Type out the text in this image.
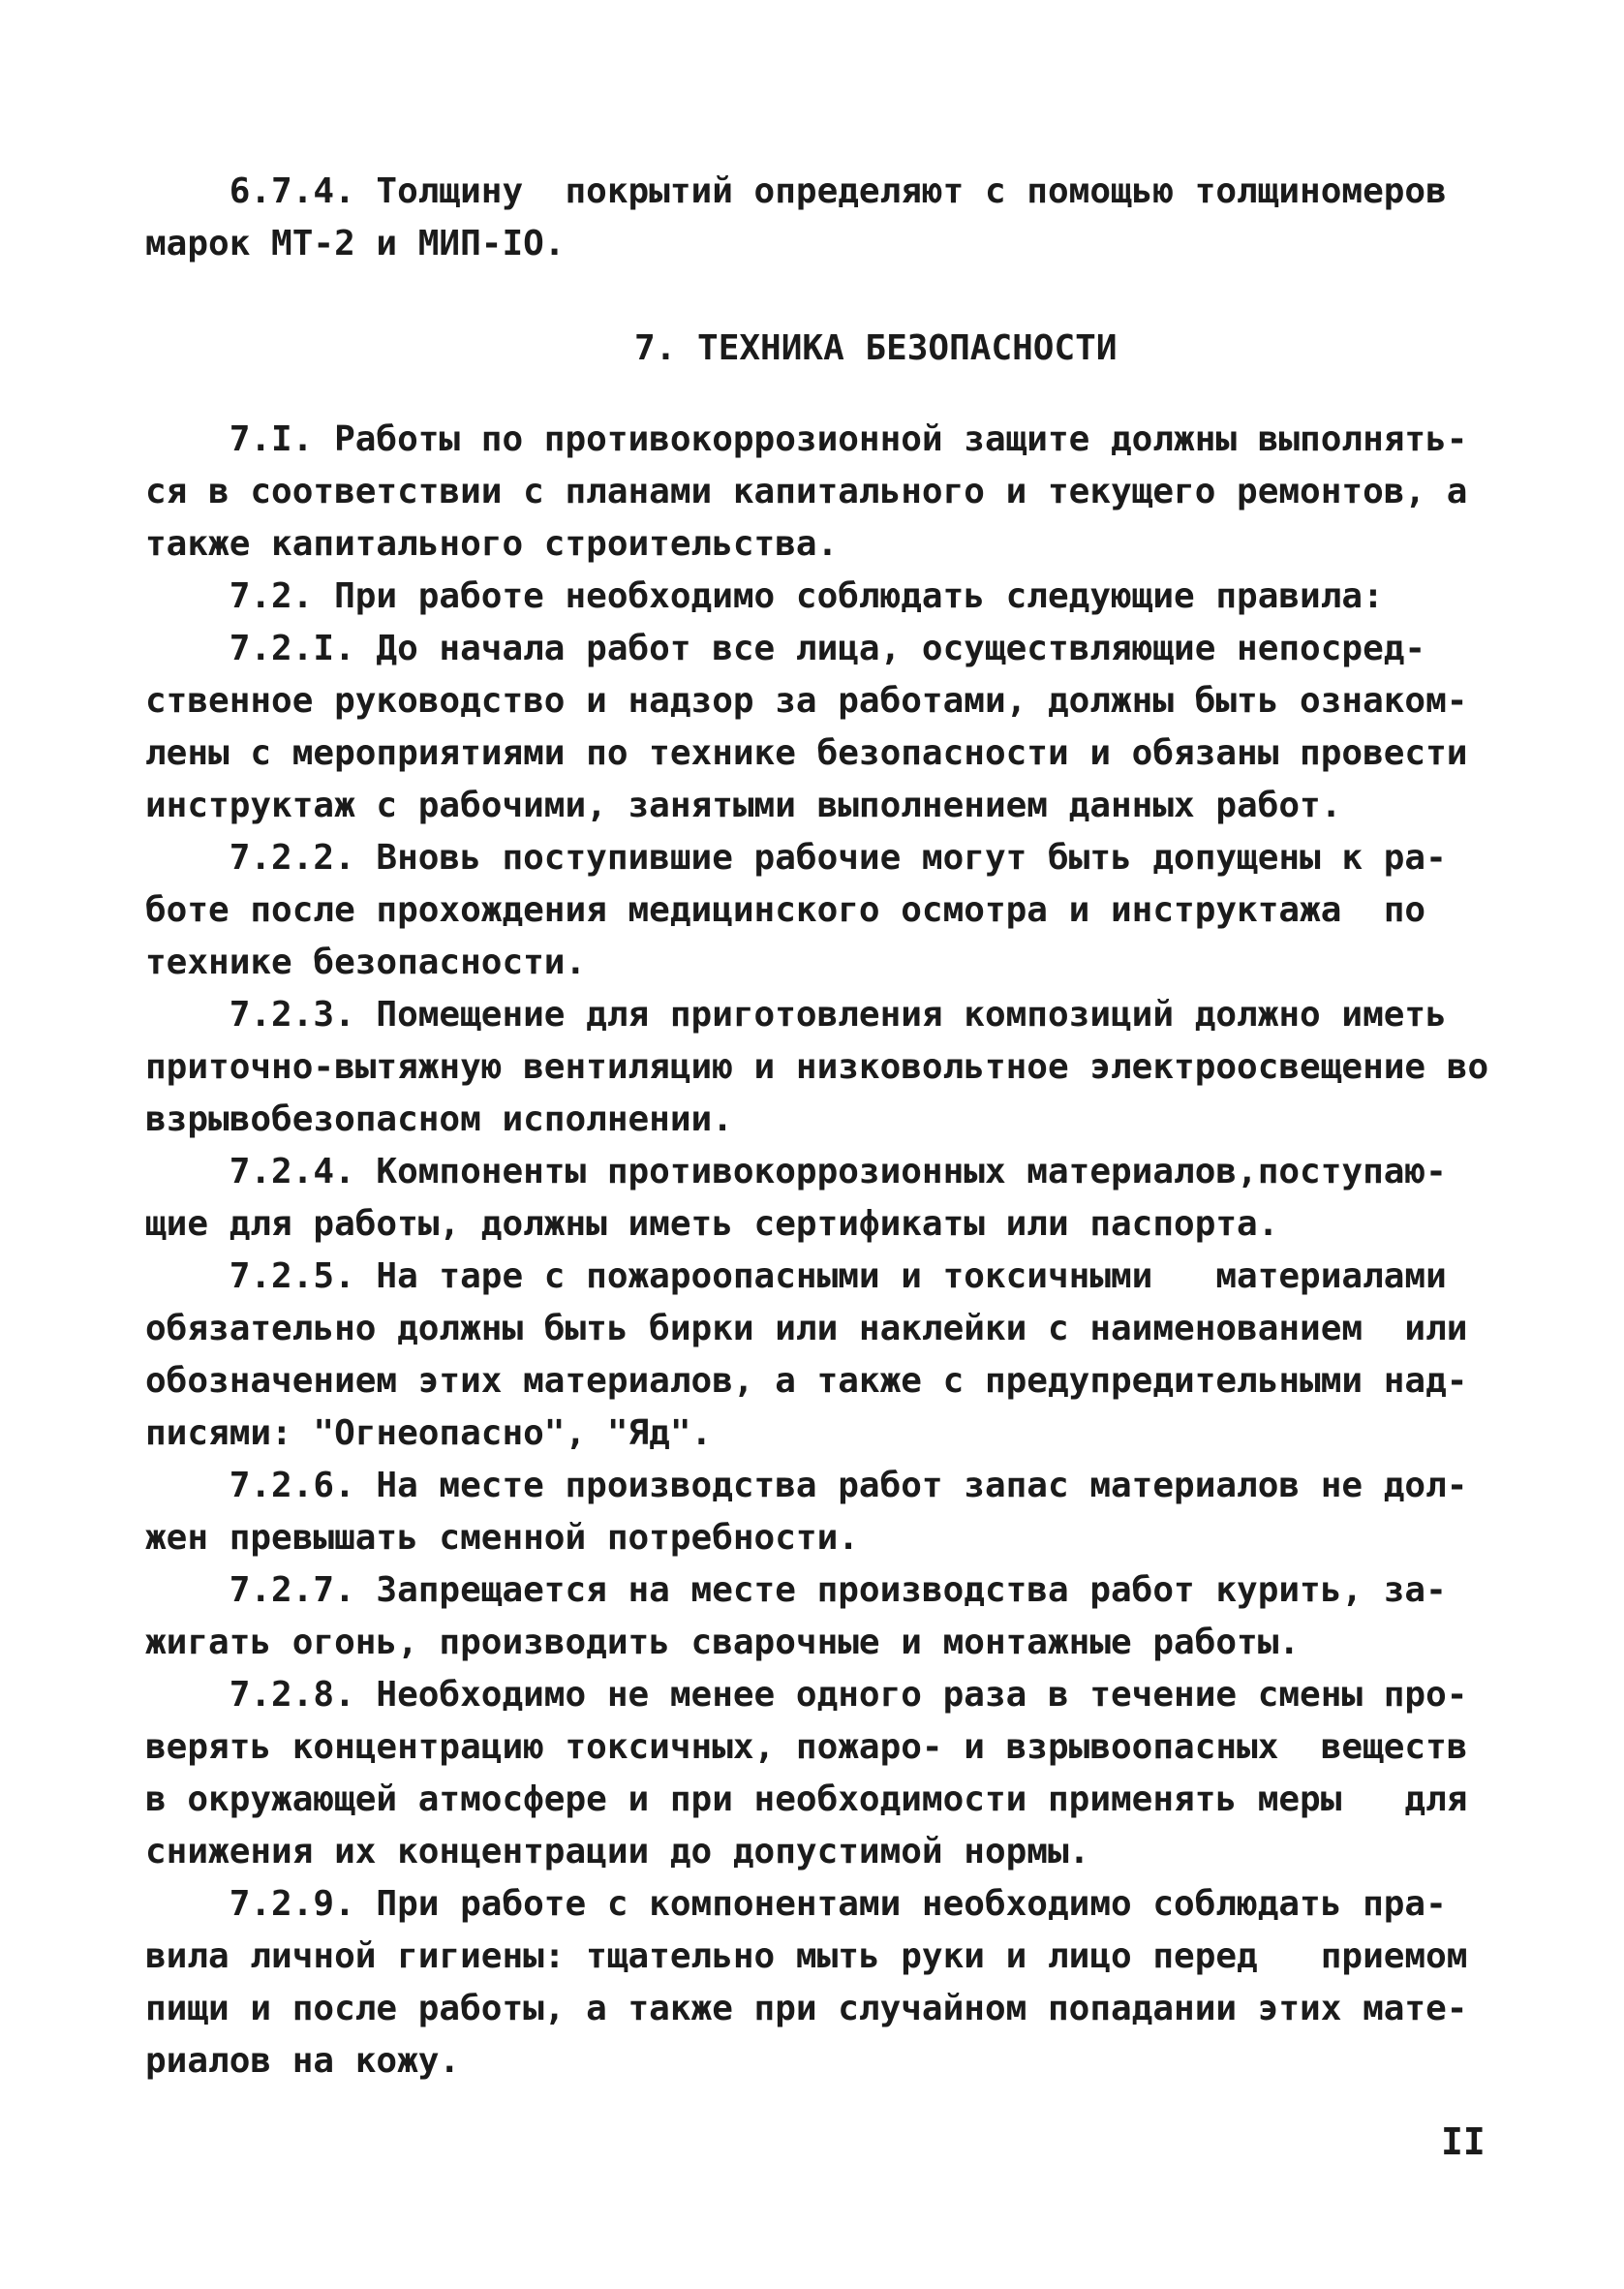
6.7.4. Толщину  покрытий определяют с помощью толщиномеров
марок МТ-2 и МИП-IO.
7. ТЕХНИКА БЕЗОПАСНОСТИ
7.I. Работы по противокоррозионной защите должны выполнять-
ся в соответствии с планами капитального и текущего ремонтов, а
также капитального строительства.
7.2. При работе необходимо соблюдать следующие правила:
7.2.I. До начала работ все лица, осуществляющие непосред-
ственное руководство и надзор за работами, должны быть ознаком-
лены с мероприятиями по технике безопасности и обязаны провести
инструктаж с рабочими, занятыми выполнением данных работ.
7.2.2. Вновь поступившие рабочие могут быть допущены к ра-
боте после прохождения медицинского осмотра и инструктажа  по
технике безопасности.
7.2.3. Помещение для приготовления композиций должно иметь
приточно-вытяжную вентиляцию и низковольтное электроосвещение во
взрывобезопасном исполнении.
7.2.4. Компоненты противокоррозионных материалов,поступаю-
щие для работы, должны иметь сертификаты или паспорта.
7.2.5. На таре с пожароопасными и токсичными   материалами
обязательно должны быть бирки или наклейки с наименованием  или
обозначением этих материалов, а также с предупредительными над-
писями: "Огнеопасно", "Яд".
7.2.6. На месте производства работ запас материалов не дол-
жен превышать сменной потребности.
7.2.7. Запрещается на месте производства работ курить, за-
жигать огонь, производить сварочные и монтажные работы.
7.2.8. Необходимо не менее одного раза в течение смены про-
верять концентрацию токсичных, пожаро- и взрывоопасных  веществ
в окружающей атмосфере и при необходимости применять меры   для
снижения их концентрации до допустимой нормы.
7.2.9. При работе с компонентами необходимо соблюдать пра-
вила личной гигиены: тщательно мыть руки и лицо перед   приемом
пищи и после работы, а также при случайном попадании этих мате-
риалов на кожу.
II
